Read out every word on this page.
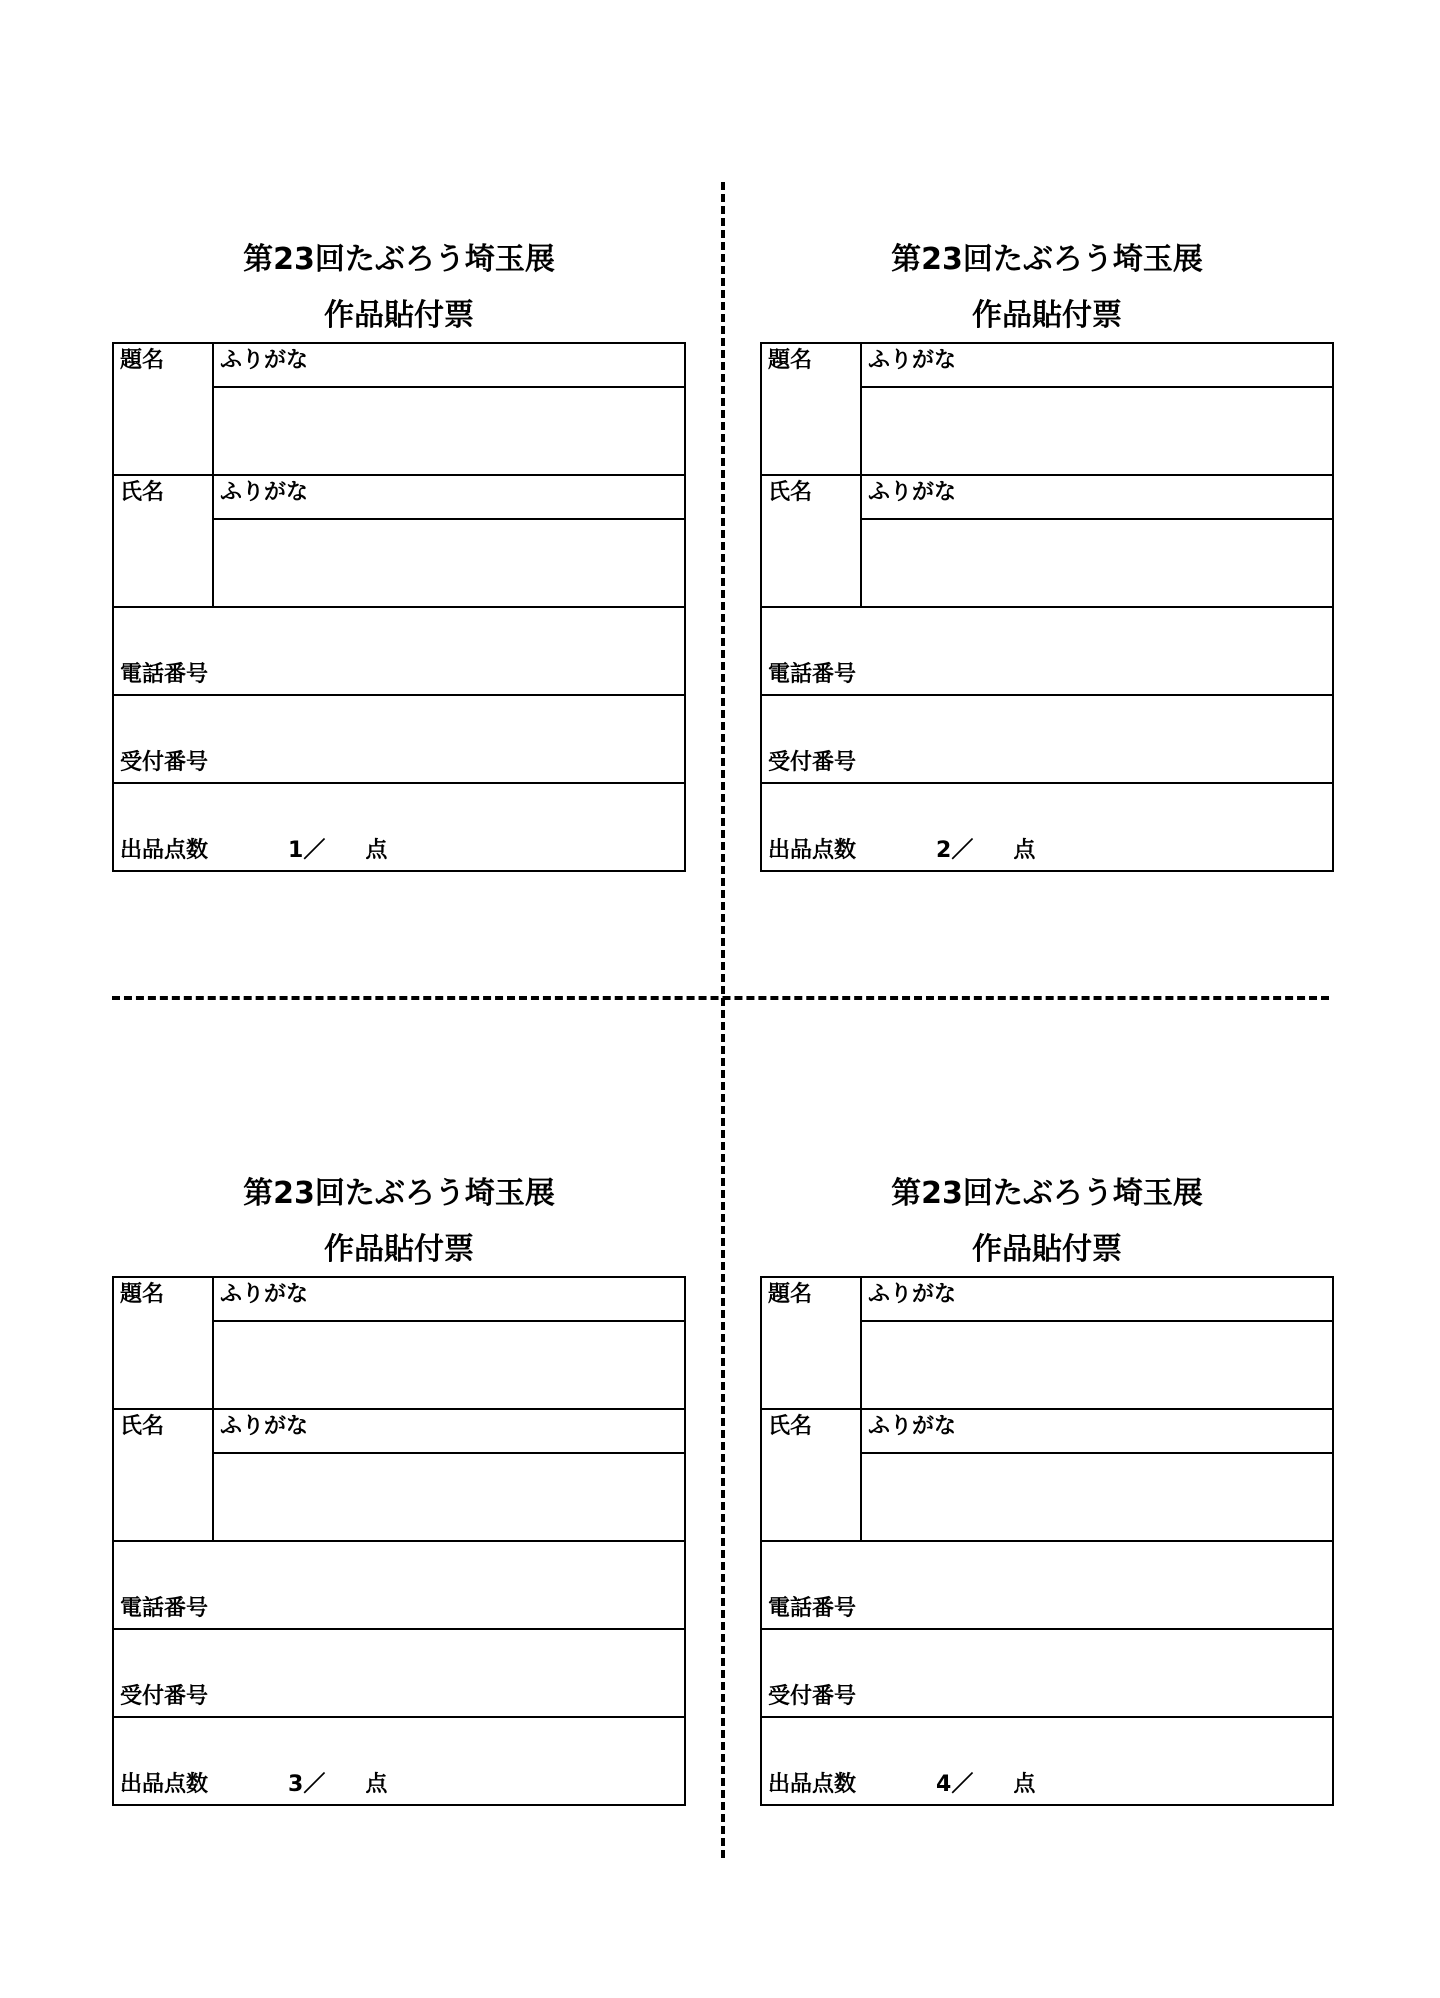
第23回たぶろう埼玉展
作品貼付票
題名	ふりがな

氏名	ふりがな

電話番号	
受付番号	
出品点数 1／ 点	
第23回たぶろう埼玉展
作品貼付票
題名	ふりがな

氏名	ふりがな

電話番号	
受付番号	
出品点数 2／ 点	
第23回たぶろう埼玉展
作品貼付票
題名	ふりがな

氏名	ふりがな

電話番号	
受付番号	
出品点数 3／ 点	
第23回たぶろう埼玉展
作品貼付票
題名	ふりがな

氏名	ふりがな

電話番号	
受付番号	
出品点数 4／ 点	
